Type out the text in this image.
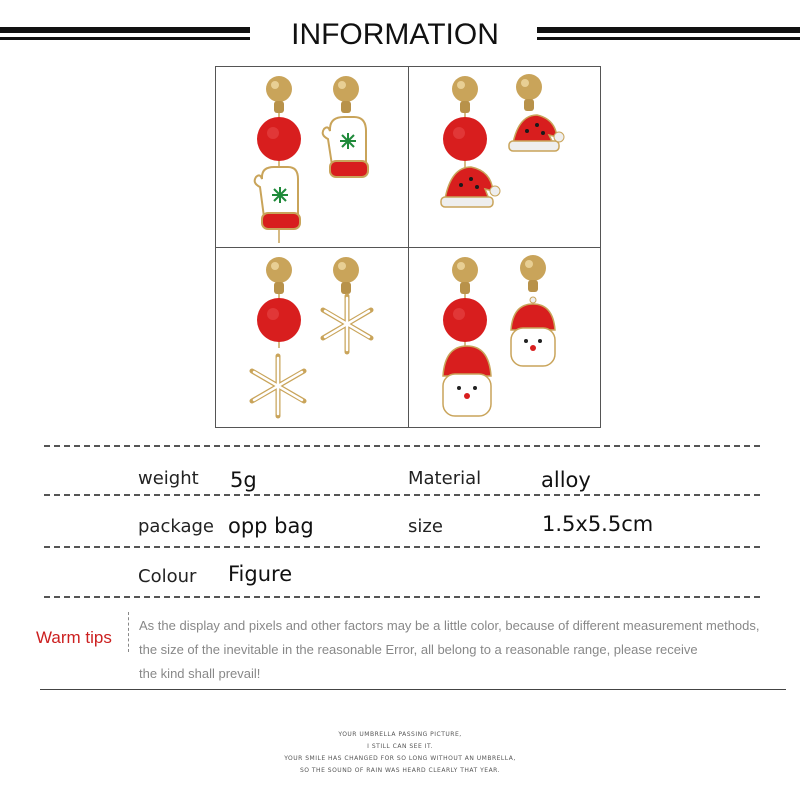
INFORMATION
weight 5g	Material	alloy
package opp bag	size	1.5x5.5cm
Colour Figure
Warm tips
As the display and pixels and other factors may be a little color, because of different measurement methods,
the size of the inevitable in the reasonable Error, all belong to a reasonable range, please receive
the kind shall prevail!
YOUR UMBRELLA PASSING PICTURE,
I STILL CAN SEE IT.
YOUR SMILE HAS CHANGED FOR SO LONG WITHOUT AN UMBRELLA,
SO THE SOUND OF RAIN WAS HEARD CLEARLY THAT YEAR.
